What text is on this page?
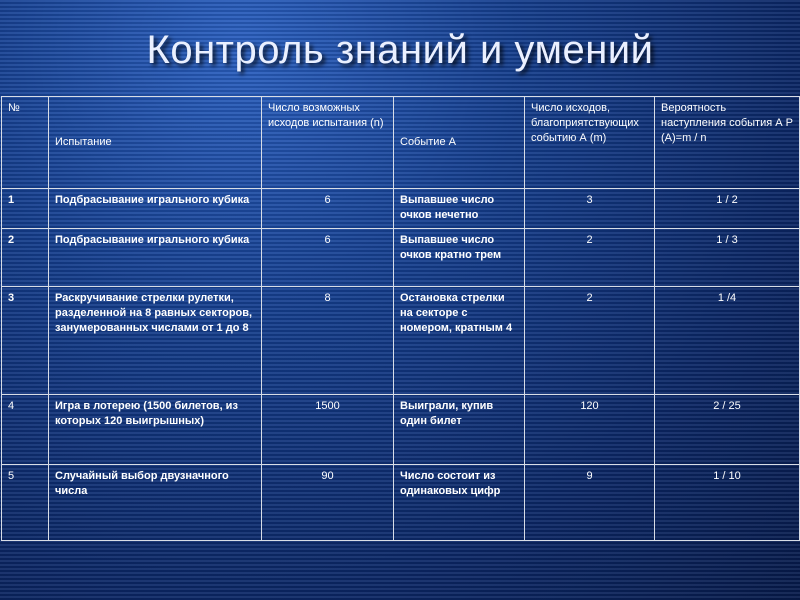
Контроль знаний и умений
№	Испытание	Число возможных исходов испытания (n)	Событие А	Число исходов, благоприятствующих событию А (m)	Вероятность наступления события А Р (А)=m / n

1	Подбрасывание игрального кубика	6	Выпавшее число очков нечетно	3	1 / 2
2	Подбрасывание игрального кубика	6	Выпавшее число очков кратно трем	2	1 / 3
3	Раскручивание стрелки рулетки, разделенной на 8 равных секторов, занумерованных числами от 1 до 8	8	Остановка стрелки на секторе с номером, кратным 4	2	1 /4
4	Игра в лотерею (1500 билетов, из которых 120 выигрышных)	1500	Выиграли, купив один билет	120	2 / 25
5	Случайный выбор двузначного числа	90	Число состоит из одинаковых цифр	9	1 / 10
